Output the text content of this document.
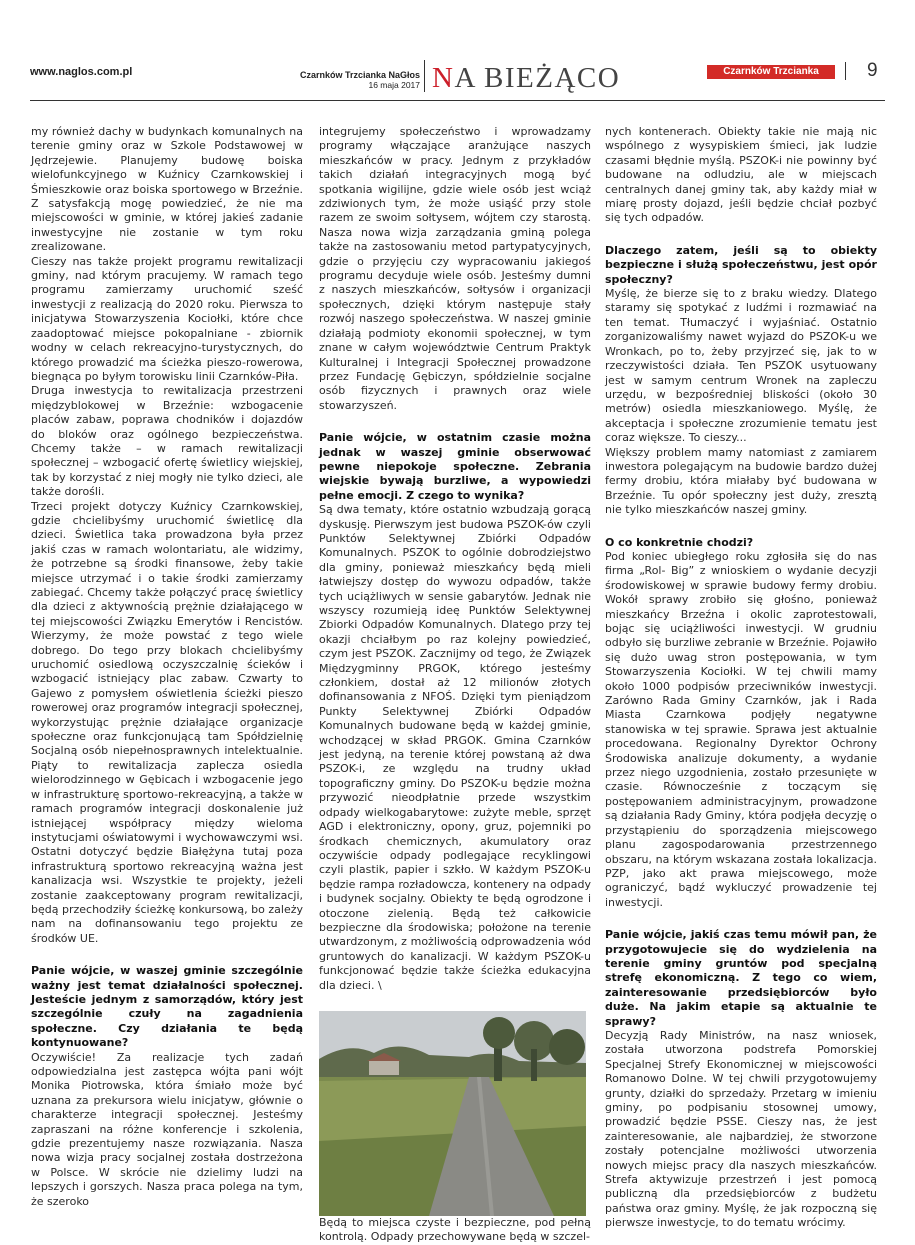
www.naglos.com.pl	Czarnków Trzcianka NaGłos
16 maja 2017 NA BIEŻĄCO	Czarnków Trzcianka NaGłos
9

my również dachy w budynkach komunalnych na terenie gminy oraz w Szkole Podstawowej w Jędrzejewie. Planujemy budowę boiska wielofunkcyjnego w Kuźnicy Czarnkowskiej i Śmieszkowie oraz boiska sportowego w Brzeźnie. Z satysfakcją mogę powiedzieć, że nie ma miejscowości w gminie, w której jakieś zadanie inwestycyjne nie zostanie w tym roku zrealizowane.

Cieszy nas także projekt programu rewitalizacji gminy, nad którym pracujemy. W ramach tego programu zamierzamy uruchomić sześć inwestycji z realizacją do 2020 roku. Pierwsza to inicjatywa Stowarzyszenia Kociołki, które chce zaadoptować miejsce pokopalniane - zbiornik wodny w celach rekreacyjno-turystycznych, do którego prowadzić ma ścieżka pieszo-rowerowa, biegnąca po byłym torowisku linii Czarnków-Piła.

Druga inwestycja to rewitalizacja przestrzeni międzyblokowej w Brzeźnie: wzbogacenie placów zabaw, poprawa chodników i dojazdów do bloków oraz ogólnego bezpieczeństwa. Chcemy także – w ramach rewitalizacji społecznej – wzbogacić ofertę świetlicy wiejskiej, tak by korzystać z niej mogły nie tylko dzieci, ale także dorośli.

Trzeci projekt dotyczy Kuźnicy Czarnkowskiej, gdzie chcielibyśmy uruchomić świetlicę dla dzieci. Świetlica taka prowadzona była przez jakiś czas w ramach wolontariatu, ale widzimy, że potrzebne są środki finansowe, żeby takie miejsce utrzymać i o takie środki zamierzamy zabiegać. Chcemy także połączyć pracę świetlicy dla dzieci z aktywnością prężnie działającego w tej miejscowości Związku Emerytów i Rencistów. Wierzymy, że może powstać z tego wiele dobrego. Do tego przy blokach chcielibyśmy uruchomić osiedlową oczyszczalnię ścieków i wzbogacić istniejący plac zabaw. Czwarty to Gajewo z pomysłem oświetlenia ścieżki pieszo rowerowej oraz programów integracji społecznej, wykorzystując prężnie działające organizacje społeczne oraz funkcjonującą tam Spółdzielnię Socjalną osób niepełnosprawnych intelektualnie. Piąty to rewitalizacja zaplecza osiedla wielorodzinnego w Gębicach i wzbogacenie jego w infrastrukturę sportowo-rekreacyjną, a także w ramach programów integracji doskonalenie już istniejącej współpracy między wieloma instytucjami oświatowymi i wychowawczymi wsi. Ostatni dotyczyć będzie Białężyna tutaj poza infrastrukturą sportowo rekreacyjną ważna jest kanalizacja wsi. Wszystkie te projekty, jeżeli zostanie zaakceptowany program rewitalizacji, będą przechodziły ścieżkę konkursową, bo zależy nam na dofinansowaniu tego projektu ze środków UE.

Panie wójcie, w waszej gminie szczególnie ważny jest temat działalności społecznej. Jesteście jednym z samorządów, który jest szczególnie czuły na zagadnienia społeczne. Czy działania te będą kontynuowane?

Oczywiście! Za realizacje tych zadań odpowiedzialna jest zastępca wójta pani wójt Monika Piotrowska, która śmiało może być uznana za prekursora wielu inicjatyw, głównie o charakterze integracji społecznej. Jesteśmy zapraszani na różne konferencje i szkolenia, gdzie prezentujemy nasze rozwiązania. Nasza nowa wizja pracy socjalnej została dostrzeżona w Polsce. W skrócie nie dzielimy ludzi na lepszych i gorszych. Nasza praca polega na tym, że szeroko

integrujemy społeczeństwo i wprowadzamy programy włączające aranżujące naszych mieszkańców w pracy. Jednym z przykładów takich działań integracyjnych mogą być spotkania wigilijne, gdzie wiele osób jest wciąż zdziwionych tym, że może usiąść przy stole razem ze swoim sołtysem, wójtem czy starostą. Nasza nowa wizja zarządzania gminą polega także na zastosowaniu metod partypatycyjnych, gdzie o przyjęciu czy wypracowaniu jakiegoś programu decyduje wiele osób. Jesteśmy dumni z naszych mieszkańców, sołtysów i organizacji społecznych, dzięki którym następuje stały rozwój naszego społeczeństwa. W naszej gminie działają podmioty ekonomii społecznej, w tym znane w całym województwie Centrum Praktyk Kulturalnej i Integracji Społecznej prowadzone przez Fundację Gębiczyn, spółdzielnie socjalne osób fizycznych i prawnych oraz wiele stowarzyszeń.

Panie wójcie, w ostatnim czasie można jednak w waszej gminie obserwować pewne niepokoje społeczne. Zebrania wiejskie bywają burzliwe, a wypowiedzi pełne emocji. Z czego to wynika?

Są dwa tematy, które ostatnio wzbudzają gorącą dyskusję. Pierwszym jest budowa PSZOK-ów czyli Punktów Selektywnej Zbiórki Odpadów Komunalnych. PSZOK to ogólnie dobrodziejstwo dla gminy, ponieważ mieszkańcy będą mieli łatwiejszy dostęp do wywozu odpadów, także tych uciążliwych w sensie gabarytów. Jednak nie wszyscy rozumieją ideę Punktów Selektywnej Zbiorki Odpadów Komunalnych. Dlatego przy tej okazji chciałbym po raz kolejny powiedzieć, czym jest PSZOK. Zacznijmy od tego, że Związek Międzygminny PRGOK, którego jesteśmy członkiem, dostał aż 12 milionów złotych dofinansowania z NFOŚ. Dzięki tym pieniądzom Punkty Selektywnej Zbiórki Odpadów Komunalnych budowane będą w każdej gminie, wchodzącej w skład PRGOK. Gmina Czarnków jest jedyną, na terenie której powstaną aż dwa PSZOK-i, ze względu na trudny układ topograficzny gminy. Do PSZOK-u będzie można przywozić nieodpłatnie przede wszystkim odpady wielkogabarytowe: zużyte meble, sprzęt AGD i elektroniczny, opony, gruz, pojemniki po środkach chemicznych, akumulatory oraz oczywiście odpady podlegające recyklingowi czyli plastik, papier i szkło. W każdym PSZOK-u będzie rampa rozładowcza, kontenery na odpady i budynek socjalny. Obiekty te będą ogrodzone i otoczone zielenią. Będą też całkowicie bezpieczne dla środowiska; położone na terenie utwardzonym, z możliwością odprowadzenia wód gruntowych do kanalizacji. W każdym PSZOK-u funkcjonować będzie także ścieżka edukacyjna dla dzieci. \

Będą to miejsca czyste i bezpieczne, pod pełną kontrolą. Odpady przechowywane będą w szczel-

nych kontenerach. Obiekty takie nie mają nic wspólnego z wysypiskiem śmieci, jak ludzie czasami błędnie myślą. PSZOK-i nie powinny być budowane na odludziu, ale w miejscach centralnych danej gminy tak, aby każdy miał w miarę prosty dojazd, jeśli będzie chciał pozbyć się tych odpadów.

Dlaczego zatem, jeśli są to obiekty bezpieczne i służą społeczeństwu, jest opór społeczny?

Myślę, że bierze się to z braku wiedzy. Dlatego staramy się spotykać z ludźmi i rozmawiać na ten temat. Tłumaczyć i wyjaśniać. Ostatnio zorganizowaliśmy nawet wyjazd do PSZOK-u we Wronkach, po to, żeby przyjrzeć się, jak to w rzeczywistości działa. Ten PSZOK usytuowany jest w samym centrum Wronek na zapleczu urzędu, w bezpośredniej bliskości (około 30 metrów) osiedla mieszkaniowego. Myślę, że akceptacja i społeczne zrozumienie tematu jest coraz większe. To cieszy...

Większy problem mamy natomiast z zamiarem inwestora polegającym na budowie bardzo dużej fermy drobiu, która miałaby być budowana w Brzeźnie. Tu opór społeczny jest duży, zresztą nie tylko mieszkańców naszej gminy.

O co konkretnie chodzi?

Pod koniec ubiegłego roku zgłosiła się do nas firma „Rol- Big” z wnioskiem o wydanie decyzji środowiskowej w sprawie budowy fermy drobiu. Wokół sprawy zrobiło się głośno, ponieważ mieszkańcy Brzeźna i okolic zaprotestowali, bojąc się uciążliwości inwestycji. W grudniu odbyło się burzliwe zebranie w Brzeźnie. Pojawiło się dużo uwag stron postępowania, w tym Stowarzyszenia Kociołki. W tej chwili mamy około 1000 podpisów przeciwników inwestycji. Zarówno Rada Gminy Czarnków, jak i Rada Miasta Czarnkowa podjęły negatywne stanowiska w tej sprawie. Sprawa jest aktualnie procedowana. Regionalny Dyrektor Ochrony Środowiska analizuje dokumenty, a wydanie przez niego uzgodnienia, zostało przesunięte w czasie. Równocześnie z toczącym się postępowaniem administracyjnym, prowadzone są działania Rady Gminy, która podjęła decyzję o przystąpieniu do sporządzenia miejscowego planu zagospodarowania przestrzennego obszaru, na którym wskazana została lokalizacja. PZP, jako akt prawa miejscowego, może ograniczyć, bądź wykluczyć prowadzenie tej inwestycji.

Panie wójcie, jakiś czas temu mówił pan, że przygotowujecie się do wydzielenia na terenie gminy gruntów pod specjalną strefę ekonomiczną. Z tego co wiem, zainteresowanie przedsiębiorców było duże. Na jakim etapie są aktualnie te sprawy?

Decyzją Rady Ministrów, na nasz wniosek, została utworzona podstrefa Pomorskiej Specjalnej Strefy Ekonomicznej w miejscowości Romanowo Dolne. W tej chwili przygotowujemy grunty, działki do sprzedaży. Przetarg w imieniu gminy, po podpisaniu stosownej umowy, prowadzić będzie PSSE. Cieszy nas, że jest zainteresowanie, ale najbardziej, że stworzone zostały potencjalne możliwości utworzenia nowych miejsc pracy dla naszych mieszkańców. Strefa aktywizuje przestrzeń i jest pomocą publiczną dla przedsiębiorców z budżetu państwa oraz gminy. Myślę, że jak rozpoczną się pierwsze inwestycje, to do tematu wrócimy.
